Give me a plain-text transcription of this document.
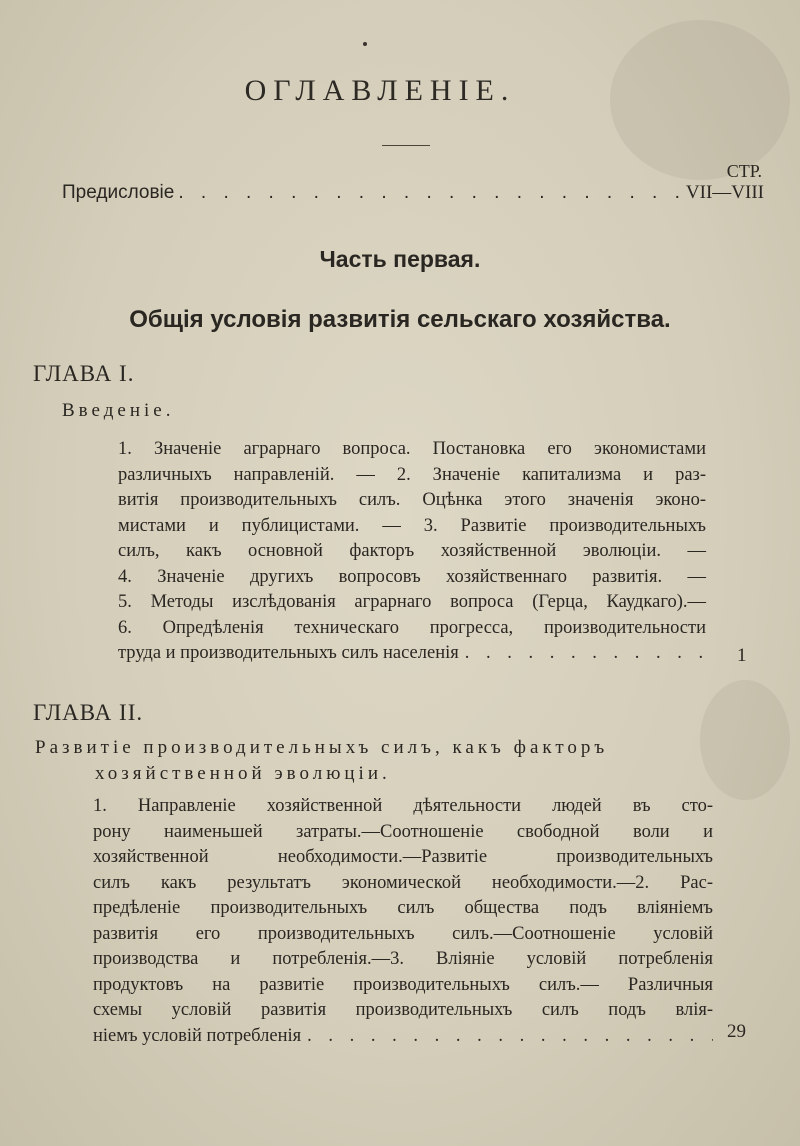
ОГЛАВЛЕНІЕ.
СТР.
Предисловіе . . .	VII—VIII
Часть первая.
Общія условія развитія сельскаго хозяйства.
ГЛАВА I.
Введеніе.
1. Значеніе аграрнаго вопроса. Постановка его экономистами
различныхъ направленій. — 2. Значеніе капитализма и раз-
витія производительныхъ силъ. Оцѣнка этого значенія эконо-
мистами и публицистами. — 3. Развитіе производительныхъ
силъ, какъ основной факторъ хозяйственной эволюціи. —
4. Значеніе другихъ вопросовъ хозяйственнаго развитія. —
5. Методы изслѣдованія аграрнаго вопроса (Герца, Каудкаго).—
6. Опредѣленія техническаго прогресса, производительности
труда и производительныхъ силъ населенія . . .	1
ГЛАВА II.
Развитіе производительныхъ силъ, какъ факторъ
хозяйственной эволюціи.
1. Направленіе хозяйственной дѣятельности людей въ сто-
рону наименьшей затраты.—Соотношеніе свободной воли и
хозяйственной необходимости.—Развитіе производительныхъ
силъ какъ результатъ экономической необходимости.—2. Рас-
предѣленіе производительныхъ силъ общества подъ вліяніемъ
развитія его производительныхъ силъ.—Соотношеніе условій
производства и потребленія.—3. Вліяніе условій потребленія
продуктовъ на развитіе производительныхъ силъ.— Различныя
схемы условій развитія производительныхъ силъ подъ влія-
ніемъ условій потребленія . . .	29
